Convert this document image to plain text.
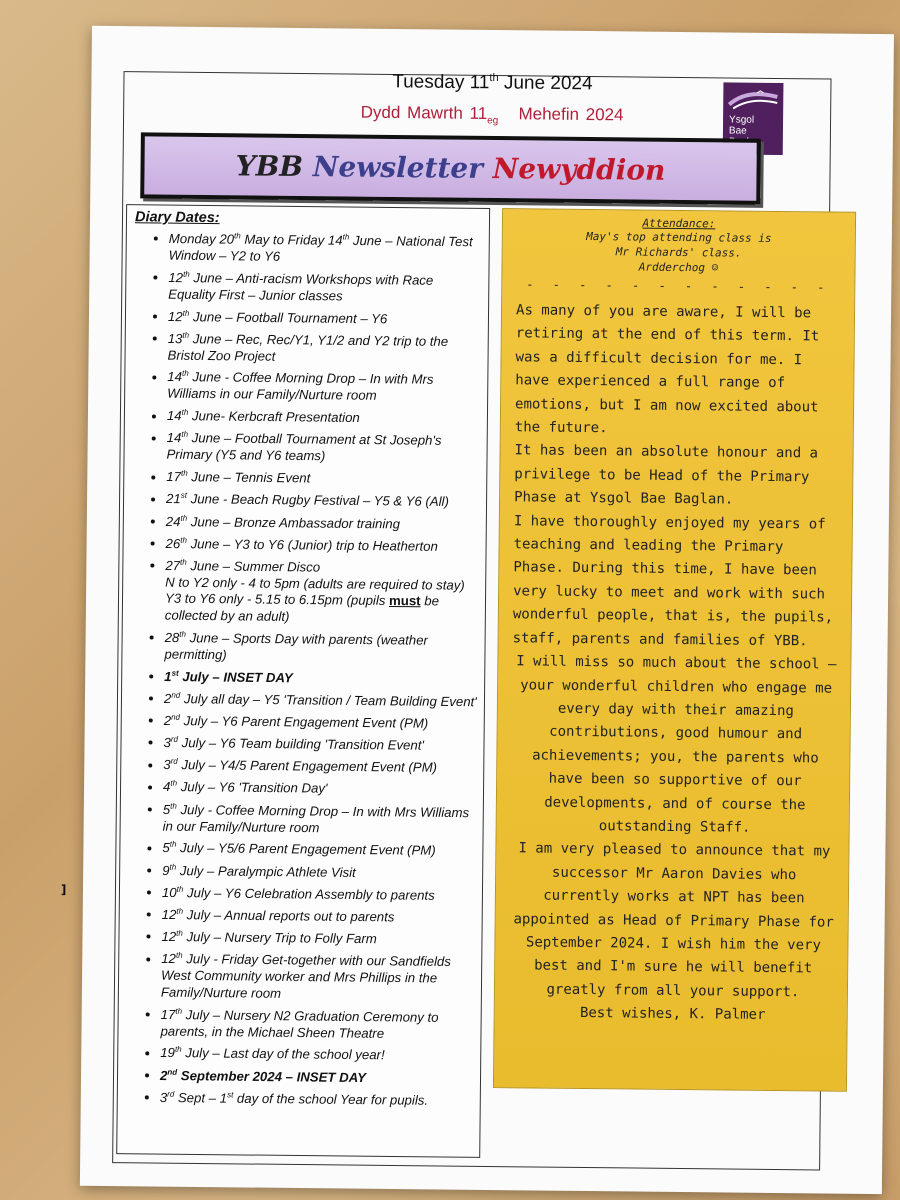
Tuesday 11th June 2024
Dydd Mawrth $11_{eg}$   Mehefin 2024	Ysgol
Bae
YBB Newsletter Newyddion
]
Diary Dates:
• Monday 20th May to Friday 14th June – National Test Window – Y2 to Y6
• 12th June – Anti-racism Workshops with Race Equality First – Junior classes
• 12th June – Football Tournament – Y6
• 13th June – Rec, Rec/Y1, Y1/2 and Y2 trip to the Bristol Zoo Project
• 14th June - Coffee Morning Drop – In with Mrs Williams in our Family/Nurture room
• 14th June- Kerbcraft Presentation
• 14th June – Football Tournament at St Joseph's Primary (Y5 and Y6 teams)
• 17th June – Tennis Event
• 21st June - Beach Rugby Festival – Y5 & Y6 (All)
• 24th June – Bronze Ambassador training
• 26th June – Y3 to Y6 (Junior) trip to Heatherton
• 27th June – Summer Disco
N to Y2 only - 4 to 5pm (adults are required to stay)
Y3 to Y6 only - 5.15 to 6.15pm (pupils must be collected by an adult)
• 28th June – Sports Day with parents (weather permitting)
• 1st July – INSET DAY
• 2nd July all day – Y5 'Transition / Team Building Event'
• 2nd July – Y6 Parent Engagement Event (PM)
• 3rd July – Y6 Team building 'Transition Event'
• 3rd July – Y4/5 Parent Engagement Event (PM)
• 4th July – Y6 'Transition Day'
• 5th July - Coffee Morning Drop – In with Mrs Williams in our Family/Nurture room
• 5th July – Y5/6 Parent Engagement Event (PM)
• 9th July – Paralympic Athlete Visit
• 10th July – Y6 Celebration Assembly to parents
• 12th July – Annual reports out to parents
• 12th July – Nursery Trip to Folly Farm
• 12th July - Friday Get-together with our Sandfields West Community worker and Mrs Phillips in the Family/Nurture room
• 17th July – Nursery N2 Graduation Ceremony to parents, in the Michael Sheen Theatre
• 19th July – Last day of the school year!
• 2nd September 2024 – INSET DAY
• 3rd Sept – 1st day of the school Year for pupils.
Attendance:
May's top attending class is
Mr Richards' class.
Ardderchog ☺
- - - - - - - - - - - -

As many of you are aware, I will be retiring at the end of this term. It was a difficult decision for me. I have experienced a full range of emotions, but I am now excited about the future.

It has been an absolute honour and a privilege to be Head of the Primary Phase at Ysgol Bae Baglan.

I have thoroughly enjoyed my years of teaching and leading the Primary Phase. During this time, I have been very lucky to meet and work with such wonderful people, that is, the pupils, staff, parents and families of YBB.

I will miss so much about the school – your wonderful children who engage me every day with their amazing contributions, good humour and achievements; you, the parents who have been so supportive of our developments, and of course the outstanding Staff.

I am very pleased to announce that my successor Mr Aaron Davies who currently works at NPT has been appointed as Head of Primary Phase for September 2024. I wish him the very best and I'm sure he will benefit greatly from all your support.

Best wishes, K. Palmer
